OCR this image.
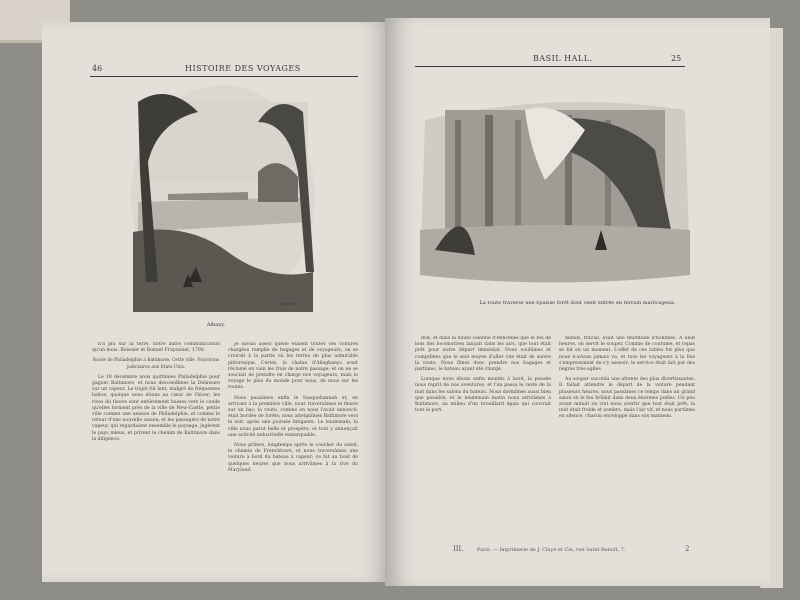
46	HISTOIRE DES VOYAGES
Hachet
Albany.

n'a plu sur la terre, notre autre communication qu'un mois. Boissier et Bonnet Frayssinet, 1790.

Route de Philadelphie à Baltimore. Cette ville. Fonctions judiciaires aux Etats-Unis.

Le 18 décembre nous quittâmes Philadelphie pour gagner Baltimore, et nous descendîmes la Delaware sur un vapeur. Le trajet fut lent, malgré de fréquentes haltes, quoique nous étions au cœur de l'hiver; les rives du fleuve sont entièrement basses vers le coude qu'elles forment près de la ville de New-Castle, petite ville comme une annexe de Philadelphie, et comme le retour d'une nouvelle saison; et les passagers de notre vapeur, qui regardaient ensemble le paysage, jugèrent le pays mieux, et prirent le chemin de Baltimore dans la diligence.

Je savais assez quelle étaient toutes ces voitures chargées remplie de bagages et de voyageurs; on se croirait à la partie où les terres du plus admirable pittoresque. Certes, la chaîne d'Alleghanys avait réclamé en vain les frais de notre passage; et on ne se souciait de prendre en charge nos voyageurs, mais le voyage le plus du monde pour nous, de nous sur les routes.

Nous passâmes enfin le Susquehannah et, en arrivant à la première ville, nous traversâmes le fleuve sur un bac; la route, comme on nous l'avait annoncé, était bordée de forêts; nous atteignîmes Baltimore vers le soir, après une journée fatigante. Le lendemain, la ville nous parut belle et prospère, et tout y annonçait une activité industrielle remarquable.

Nous prîmes, longtemps après le coucher du soleil, le chemin de Frenchtown, et nous traversâmes une voiture à bord du bateau à vapeur; ce fut au bout de quelques heures que nous arrivâmes à la rive du Maryland.

BASIL HALL.	25
La route traverse une épaisse forêt dont vient entrée en terrain marécageux.

doit, et dans la haute colonne d'étincelles que le feu de bois des locomotives lançait dans les airs, que tout était prêt pour notre départ immédiat. Nous voulûmes et comprîmes que le seul moyen d'aller vite était de suivre la route. Nous fîmes donc prendre nos bagages et partîmes, le bateau ayant été chargé.

Lorsque nous étions enfin montés à bord, la pensée nous reprit de nos aventures, et l'on passa le reste de la nuit dans les salons du bateau. Nous dormîmes aussi bien que possible, et le lendemain matin nous arrivâmes à Baltimore, au milieu d'un brouillard épais qui couvrait tout le port.

minuit, travail, avait une multitude d'hommes. À neuf heures, on servit le souper. Comme de coutume, et repas se fut en un moment. L'effet de ces tables fut plus que nous n'avions jamais vu, et tous les voyageurs à la fois s'empressaient de s'y asseoir; le service était fait par des nègres très-agiles.

Au souper succéda une attente des plus divertissantes. Il fallait attendre le départ de la voiture pendant plusieurs heures; nous passâmes ce temps dans un grand salon où le feu brûlait dans deux énormes poêles. Un peu avant minuit on vint nous avertir que tout était prêt; la nuit était froide et sombre, mais l'air vif, et nous partîmes en silence, chacun enveloppé dans son manteau.

III.	Paris. — Imprimerie de J. Claye et Cie, rue Saint-Benoît, 7.	2
